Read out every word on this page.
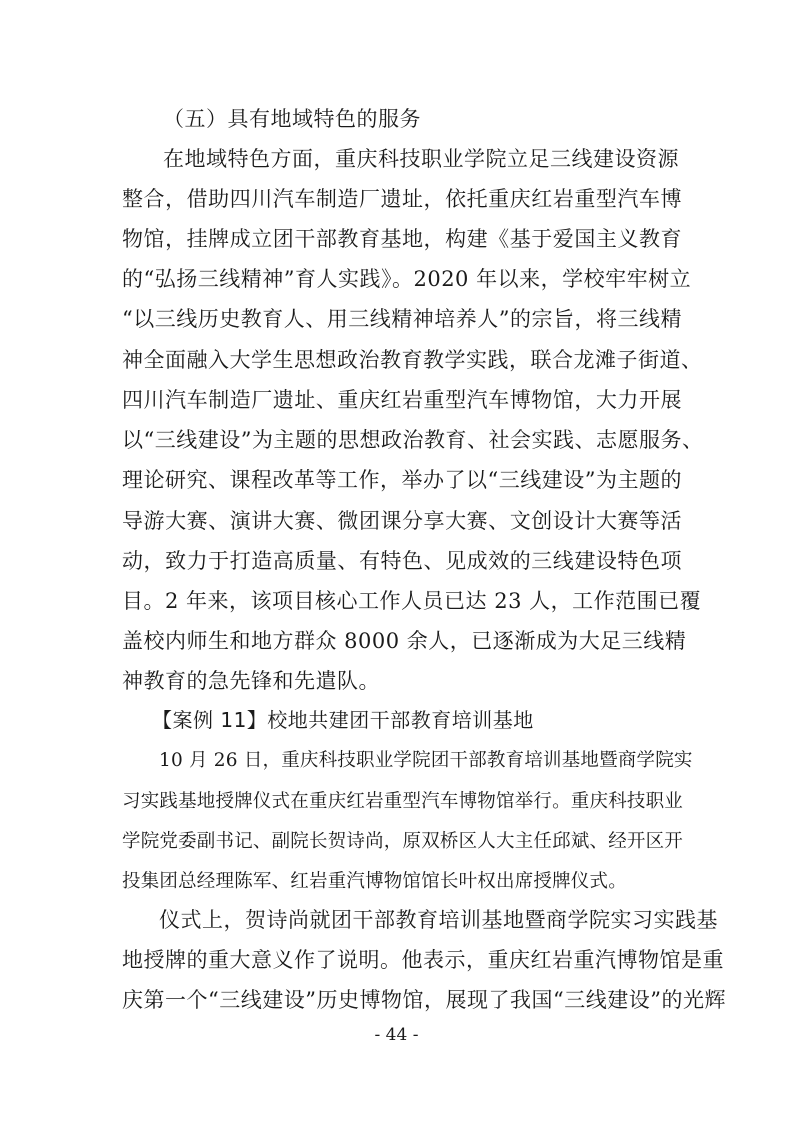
（五）具有地域特色的服务
在地域特色方面，重庆科技职业学院立足三线建设资源
整合，借助四川汽车制造厂遗址，依托重庆红岩重型汽车博
物馆，挂牌成立团干部教育基地，构建《基于爱国主义教育
的“弘扬三线精神”育人实践》。2020 年以来，学校牢牢树立
“以三线历史教育人、用三线精神培养人”的宗旨，将三线精
神全面融入大学生思想政治教育教学实践，联合龙滩子街道、
四川汽车制造厂遗址、重庆红岩重型汽车博物馆，大力开展
以“三线建设”为主题的思想政治教育、社会实践、志愿服务、
理论研究、课程改革等工作，举办了以“三线建设”为主题的
导游大赛、演讲大赛、微团课分享大赛、文创设计大赛等活
动，致力于打造高质量、有特色、见成效的三线建设特色项
目。2 年来，该项目核心工作人员已达 23 人，工作范围已覆
盖校内师生和地方群众 8000 余人，已逐渐成为大足三线精
神教育的急先锋和先遣队。
【案例 11】校地共建团干部教育培训基地
10 月 26 日，重庆科技职业学院团干部教育培训基地暨商学院实
习实践基地授牌仪式在重庆红岩重型汽车博物馆举行。重庆科技职业
学院党委副书记、副院长贺诗尚，原双桥区人大主任邱斌、经开区开
投集团总经理陈军、红岩重汽博物馆馆长叶权出席授牌仪式。
仪式上，贺诗尚就团干部教育培训基地暨商学院实习实践基
地授牌的重大意义作了说明。他表示，重庆红岩重汽博物馆是重
庆第一个“三线建设”历史博物馆，展现了我国“三线建设”的光辉
- 44 -
